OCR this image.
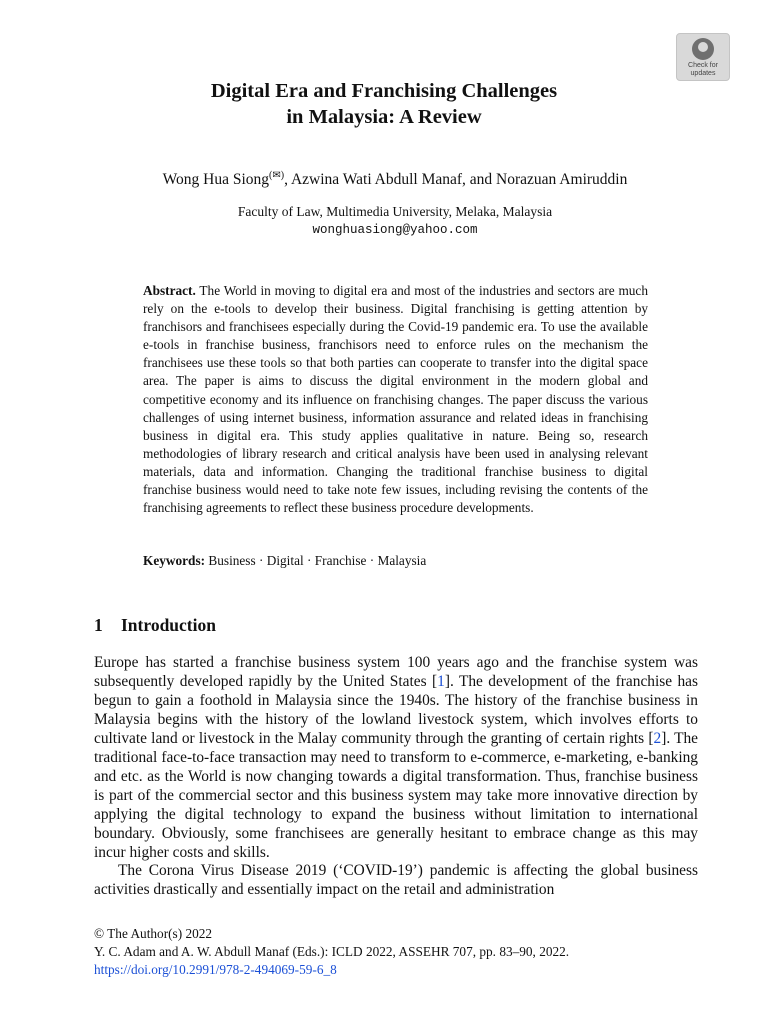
Check for
updates
Digital Era and Franchising Challenges
in Malaysia: A Review
Wong Hua Siong(✉), Azwina Wati Abdull Manaf, and Norazuan Amiruddin
Faculty of Law, Multimedia University, Melaka, Malaysia
wonghuasiong@yahoo.com

Abstract. The World in moving to digital era and most of the industries and sectors are much rely on the e-tools to develop their business. Digital franchising is getting attention by franchisors and franchisees especially during the Covid-19 pandemic era. To use the available e-tools in franchise business, franchisors need to enforce rules on the mechanism the franchisees use these tools so that both parties can cooperate to transfer into the digital space area. The paper is aims to discuss the digital environment in the modern global and competitive economy and its influence on franchising changes. The paper discuss the various challenges of using internet business, information assurance and related ideas in franchising business in digital era. This study applies qualitative in nature. Being so, research methodologies of library research and critical analysis have been used in analysing relevant materials, data and information. Changing the traditional franchise business to digital franchise business would need to take note few issues, including revising the contents of the franchising agreements to reflect these business procedure developments.

Keywords: Business · Digital · Franchise · Malaysia
1 Introduction

Europe has started a franchise business system 100 years ago and the franchise system was subsequently developed rapidly by the United States [1]. The development of the franchise has begun to gain a foothold in Malaysia since the 1940s. The history of the franchise business in Malaysia begins with the history of the lowland livestock system, which involves efforts to cultivate land or livestock in the Malay community through the granting of certain rights [2]. The traditional face-to-face transaction may need to transform to e-commerce, e-marketing, e-banking and etc. as the World is now changing towards a digital transformation. Thus, franchise business is part of the commercial sector and this business system may take more innovative direction by applying the digital technology to expand the business without limitation to international boundary. Obviously, some franchisees are generally hesitant to embrace change as this may incur higher costs and skills.

The Corona Virus Disease 2019 (‘COVID-19’) pandemic is affecting the global business activities drastically and essentially impact on the retail and administration

© The Author(s) 2022
Y. C. Adam and A. W. Abdull Manaf (Eds.): ICLD 2022, ASSEHR 707, pp. 83–90, 2022.
https://doi.org/10.2991/978-2-494069-59-6_8
